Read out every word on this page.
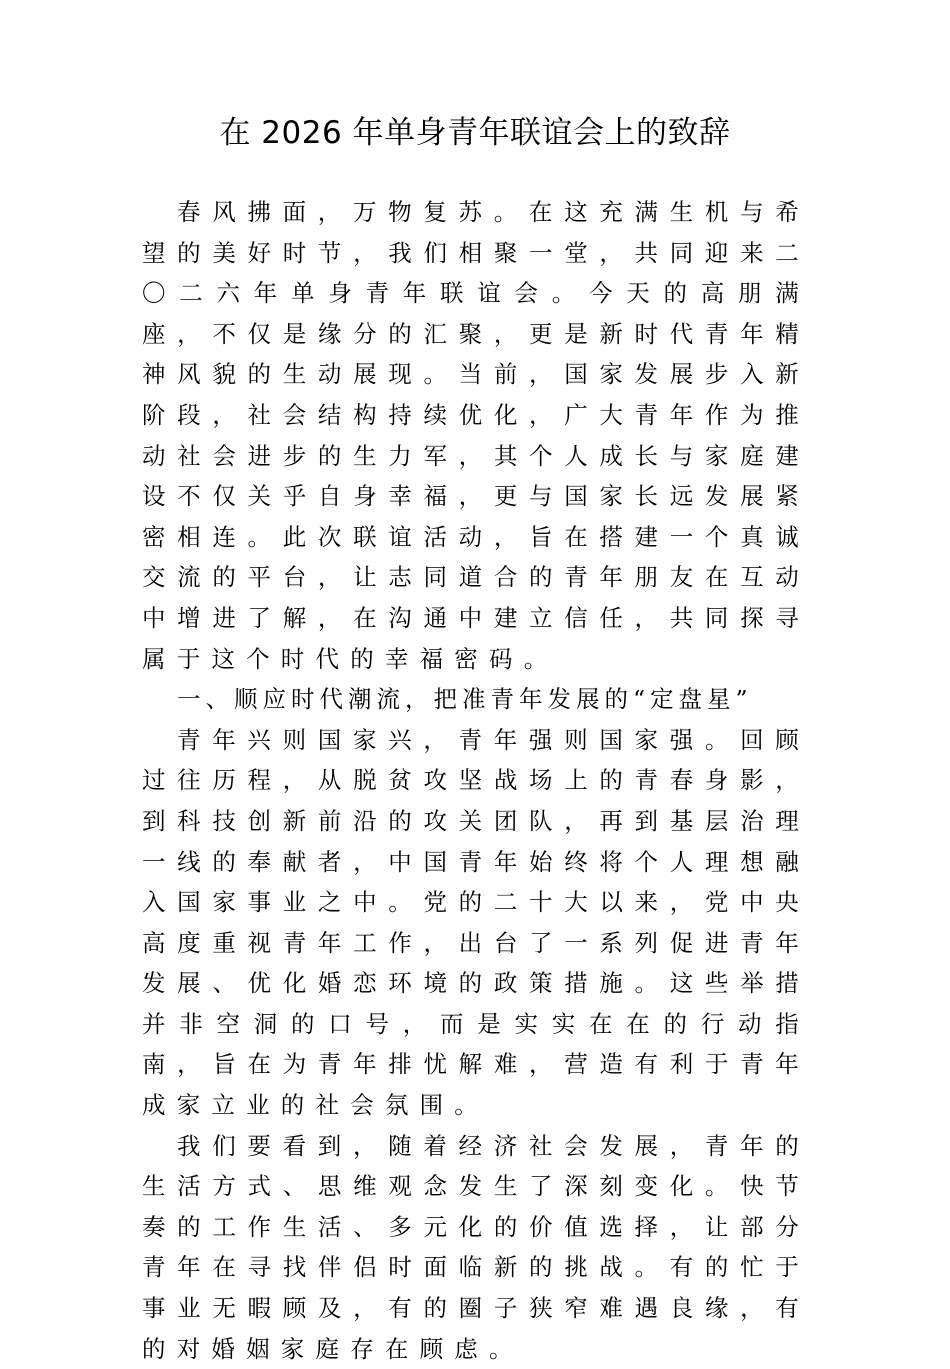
在 2026 年单身青年联谊会上的致辞

春风拂面，万物复苏。在这充满生机与希望的美好时节，我们相聚一堂，共同迎来二〇二六年单身青年联谊会。今天的高朋满座，不仅是缘分的汇聚，更是新时代青年精神风貌的生动展现。当前，国家发展步入新阶段，社会结构持续优化，广大青年作为推动社会进步的生力军，其个人成长与家庭建设不仅关乎自身幸福，更与国家长远发展紧密相连。此次联谊活动，旨在搭建一个真诚交流的平台，让志同道合的青年朋友在互动中增进了解，在沟通中建立信任，共同探寻属于这个时代的幸福密码。

一、顺应时代潮流，把准青年发展的“定盘星”

青年兴则国家兴，青年强则国家强。回顾过往历程，从脱贫攻坚战场上的青春身影，到科技创新前沿的攻关团队，再到基层治理一线的奉献者，中国青年始终将个人理想融入国家事业之中。党的二十大以来，党中央高度重视青年工作，出台了一系列促进青年发展、优化婚恋环境的政策措施。这些举措并非空洞的口号，而是实实在在的行动指南，旨在为青年排忧解难，营造有利于青年成家立业的社会氛围。

我们要看到，随着经济社会发展，青年的生活方式、思维观念发生了深刻变化。快节奏的工作生活、多元化的价值选择，让部分青年在寻找伴侣时面临新的挑战。有的忙于事业无暇顾及，有的圈子狭窄难遇良缘，有的对婚姻家庭存在顾虑。
